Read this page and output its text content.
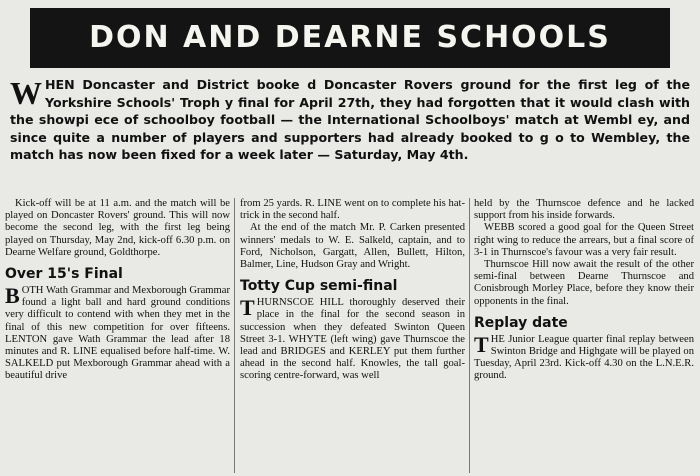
DON AND DEARNE SCHOOLS

WHEN Doncaster and District booke d Doncaster Rovers ground for the first leg of the Yorkshire Schools' Troph y final for April 27th, they had forgotten that it would clash with the showpi ece of schoolboy football — the International Schoolboys' match at Wembl ey, and since quite a number of players and supporters had already booked to g o to Wembley, the match has now been fixed for a week later — Saturday, May 4th.

Kick-off will be at 11 a.m. and the match will be played on Doncaster Rovers' ground. This will now become the second leg, with the first leg being played on Thursday, May 2nd, kick-off 6.30 p.m. on Dearne Welfare ground, Goldthorpe.

Over 15's Final

BOTH Wath Grammar and Mexborough Grammar found a light ball and hard ground conditions very difficult to contend with when they met in the final of this new competition for over fifteens. LENTON gave Wath Grammar the lead after 18 minutes and R. LINE equalised before half-time. W. SALKELD put Mexborough Grammar ahead with a beautiful drive

from 25 yards. R. LINE went on to complete his hat-trick in the second half.

At the end of the match Mr. P. Carken presented winners' medals to W. E. Salkeld, captain, and to Ford, Nicholson, Gargatt, Allen, Bullett, Hilton, Balmer, Line, Hudson Gray and Wright.

Totty Cup semi-final

THURNSCOE HILL thoroughly deserved their place in the final for the second season in succession when they defeated Swinton Queen Street 3-1. WHYTE (left wing) gave Thurnscoe the lead and BRIDGES and KERLEY put them further ahead in the second half. Knowles, the tall goal-scoring centre-forward, was well

held by the Thurnscoe defence and he lacked support from his inside forwards.

WEBB scored a good goal for the Queen Street right wing to reduce the arrears, but a final score of 3-1 in Thurnscoe's favour was a very fair result.

Thurnscoe Hill now await the result of the other semi-final between Dearne Thurnscoe and Conisbrough Morley Place, before they know their opponents in the final.

Replay date

THE Junior League quarter final replay between Swinton Bridge and Highgate will be played on Tuesday, April 23rd. Kick-off 4.30 on the L.N.E.R. ground.
